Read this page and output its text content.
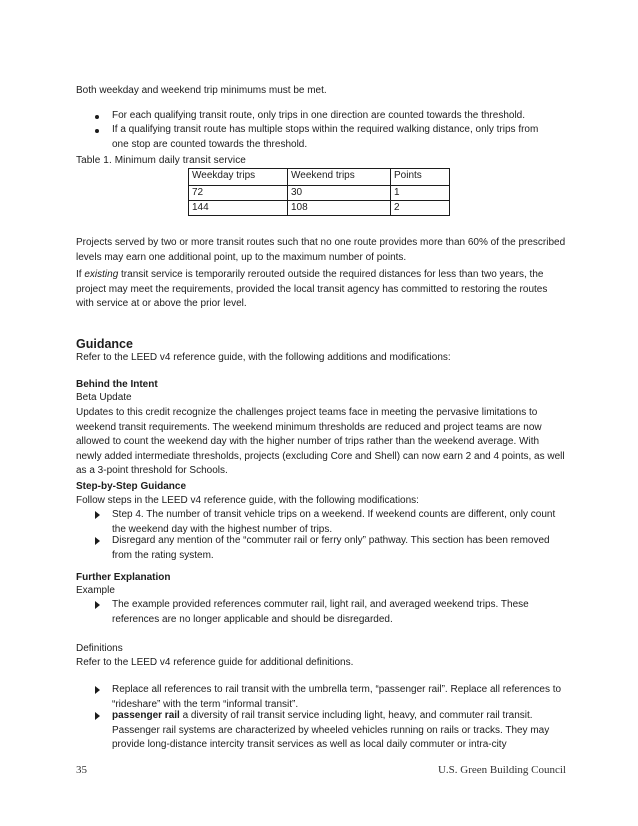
Both weekday and weekend trip minimums must be met.

For each qualifying transit route, only trips in one direction are counted towards the threshold.

If a qualifying transit route has multiple stops within the required walking distance, only trips from one stop are counted towards the threshold.

Table 1. Minimum daily transit service

Weekday trips	Weekend trips	Points
72	30	1
144	108	2

Projects served by two or more transit routes such that no one route provides more than 60% of the prescribed levels may earn one additional point, up to the maximum number of points.

If existing transit service is temporarily rerouted outside the required distances for less than two years, the project may meet the requirements, provided the local transit agency has committed to restoring the routes with service at or above the prior level.

Guidance

Refer to the LEED v4 reference guide, with the following additions and modifications:

Behind the Intent

Beta Update

Updates to this credit recognize the challenges project teams face in meeting the pervasive limitations to weekend transit requirements. The weekend minimum thresholds are reduced and project teams are now allowed to count the weekend day with the higher number of trips rather than the weekend average. With newly added intermediate thresholds, projects (excluding Core and Shell) can now earn 2 and 4 points, as well as a 3-point threshold for Schools.

Step-by-Step Guidance

Follow steps in the LEED v4 reference guide, with the following modifications:

Step 4. The number of transit vehicle trips on a weekend. If weekend counts are different, only count the weekend day with the highest number of trips.

Disregard any mention of the “commuter rail or ferry only” pathway. This section has been removed from the rating system.

Further Explanation

Example

The example provided references commuter rail, light rail, and averaged weekend trips. These references are no longer applicable and should be disregarded.

Definitions

Refer to the LEED v4 reference guide for additional definitions.

Replace all references to rail transit with the umbrella term, “passenger rail”. Replace all references to “rideshare” with the term “informal transit”.

passenger rail a diversity of rail transit service including light, heavy, and commuter rail transit. Passenger rail systems are characterized by wheeled vehicles running on rails or tracks. They may provide long-distance intercity transit services as well as local daily commuter or intra-city

35	U.S. Green Building Council
